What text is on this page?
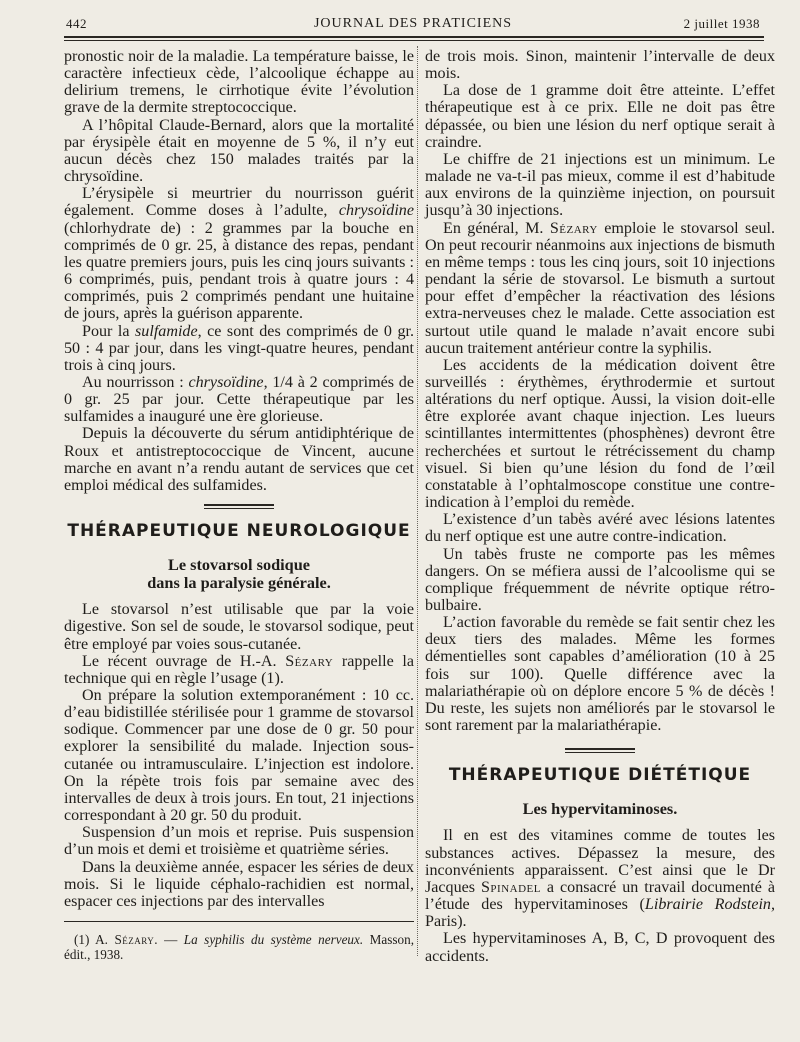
442	JOURNAL DES PRATICIENS	2 juillet 1938

pronostic noir de la maladie. La température baisse, le caractère infectieux cède, l’alcoolique échappe au delirium tremens, le cirrhotique évite l’évolution grave de la dermite streptococcique.

A l’hôpital Claude-Bernard, alors que la mortalité par érysipèle était en moyenne de 5 %, il n’y eut aucun décès chez 150 malades traités par la chrysoïdine.

L’érysipèle si meurtrier du nourrisson guérit également. Comme doses à l’adulte, chrysoïdine (chlorhydrate de) : 2 grammes par la bouche en comprimés de 0 gr. 25, à distance des repas, pendant les quatre premiers jours, puis les cinq jours suivants : 6 comprimés, puis, pendant trois à quatre jours : 4 comprimés, puis 2 comprimés pendant une huitaine de jours, après la guérison apparente.

Pour la sulfamide, ce sont des comprimés de 0 gr. 50 : 4 par jour, dans les vingt-quatre heures, pendant trois à cinq jours.

Au nourrisson : chrysoïdine, 1/4 à 2 comprimés de 0 gr. 25 par jour. Cette thérapeutique par les sulfamides a inauguré une ère glorieuse.

Depuis la découverte du sérum antidiphtérique de Roux et antistreptococcique de Vincent, aucune marche en avant n’a rendu autant de services que cet emploi médical des sulfamides.

THÉRAPEUTIQUE NEUROLOGIQUE
Le stovarsol sodique
dans la paralysie générale.

Le stovarsol n’est utilisable que par la voie digestive. Son sel de soude, le stovarsol sodique, peut être employé par voies sous-cutanée.

Le récent ouvrage de H.-A. Sézary rappelle la technique qui en règle l’usage (1).

On prépare la solution extemporanément : 10 cc. d’eau bidistillée stérilisée pour 1 gramme de stovarsol sodique. Commencer par une dose de 0 gr. 50 pour explorer la sensibilité du malade. Injection sous-cutanée ou intramusculaire. L’injection est indolore. On la répète trois fois par semaine avec des intervalles de deux à trois jours. En tout, 21 injections correspondant à 20 gr. 50 du produit.

Suspension d’un mois et reprise. Puis suspension d’un mois et demi et troisième et quatrième séries.

Dans la deuxième année, espacer les séries de deux mois. Si le liquide céphalo-rachidien est normal, espacer ces injections par des intervalles

(1) A. Sézary. — La syphilis du système nerveux. Masson, édit., 1938.

de trois mois. Sinon, maintenir l’intervalle de deux mois.

La dose de 1 gramme doit être atteinte. L’effet thérapeutique est à ce prix. Elle ne doit pas être dépassée, ou bien une lésion du nerf optique serait à craindre.

Le chiffre de 21 injections est un minimum. Le malade ne va-t-il pas mieux, comme il est d’habitude aux environs de la quinzième injection, on poursuit jusqu’à 30 injections.

En général, M. Sézary emploie le stovarsol seul. On peut recourir néanmoins aux injections de bismuth en même temps : tous les cinq jours, soit 10 injections pendant la série de stovarsol. Le bismuth a surtout pour effet d’empêcher la réactivation des lésions extra-nerveuses chez le malade. Cette association est surtout utile quand le malade n’avait encore subi aucun traitement antérieur contre la syphilis.

Les accidents de la médication doivent être surveillés : érythèmes, érythrodermie et surtout altérations du nerf optique. Aussi, la vision doit-elle être explorée avant chaque injection. Les lueurs scintillantes intermittentes (phosphènes) devront être recherchées et surtout le rétrécissement du champ visuel. Si bien qu’une lésion du fond de l’œil constatable à l’ophtalmoscope constitue une contre-indication à l’emploi du remède.

L’existence d’un tabès avéré avec lésions latentes du nerf optique est une autre contre-indication.

Un tabès fruste ne comporte pas les mêmes dangers. On se méfiera aussi de l’alcoolisme qui se complique fréquemment de névrite optique rétro-bulbaire.

L’action favorable du remède se fait sentir chez les deux tiers des malades. Même les formes démentielles sont capables d’amélioration (10 à 25 fois sur 100). Quelle différence avec la malariathérapie où on déplore encore 5 % de décès ! Du reste, les sujets non améliorés par le stovarsol le sont rarement par la malariathérapie.

THÉRAPEUTIQUE DIÉTÉTIQUE
Les hypervitaminoses.

Il en est des vitamines comme de toutes les substances actives. Dépassez la mesure, des inconvénients apparaissent. C’est ainsi que le Dr Jacques Spinadel a consacré un travail documenté à l’étude des hypervitaminoses (Librairie Rodstein, Paris).

Les hypervitaminoses A, B, C, D provoquent des accidents.
